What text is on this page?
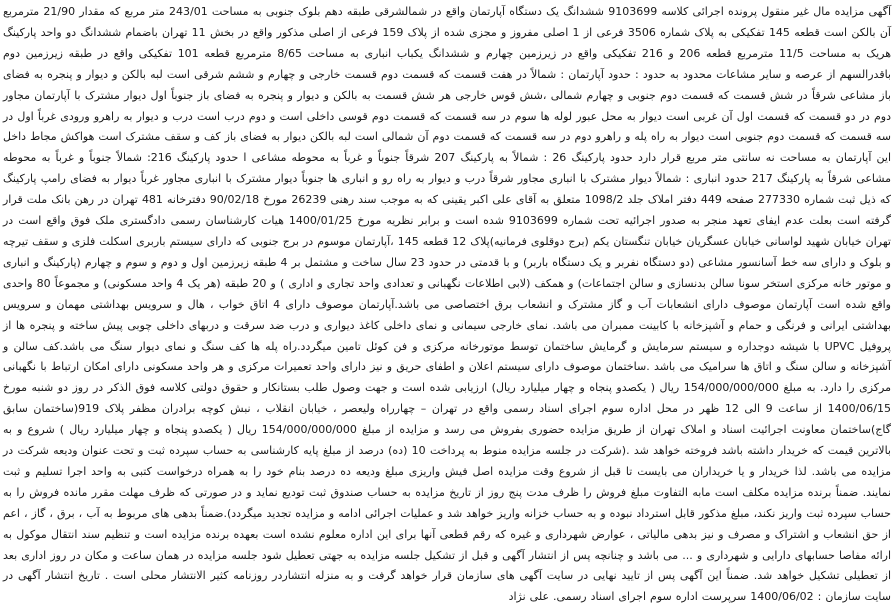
آگهی مزایده مال غیر منقول پرونده اجرائی کلاسه 9103699 ششدانگ یک دستگاه آپارتمان واقع در شمالشرقی طبقه دهم بلوک جنوبی به مساحت 243/01 متر مربع که مقدار 21/90 مترمربع آن بالکن است قطعه 145 تفکیکی به پلاک شماره 3506 فرعی از 1 اصلی مفروز و مجزی شده از پلاک 159 فرعی از اصلی مذکور واقع در بخش 11 تهران باضمام ششدانگ دو واحد پارکینگ هریک به مساحت 11/5 مترمربع قطعه 206 و 216 تفکیکی واقع در زیرزمین چهارم و ششدانگ یکباب انباری به مساحت 8/65 مترمربع قطعه 101 تفکیکی واقع در طبقه زیرزمین دوم باقدرالسهم از عرصه و سایر مشاعات محدود به حدود : حدود آپارتمان : شمالاً در هفت قسمت که قسمت دوم قسمت خارجی و چهارم و ششم شرقی است لبه بالکن و دیوار و پنجره به فضای باز مشاعی شرقاً در شش قسمت که قسمت دوم جنوبی و چهارم شمالی ،شش قوس خارجی هر شش قسمت به بالکن و دیوار و پنجره به فضای باز جنوباً اول دیوار مشترک با آپارتمان مجاور دوم در دو قسمت که قسمت اول آن غربی است دیوار به محل عبور لوله ها سوم در سه قسمت که قسمت دوم قوسی داخلی است و دوم درب است درب و دیوار به راهرو ورودی غرباً اول در سه قسمت که قسمت دوم جنوبی است دیوار به راه پله و راهرو دوم در سه قسمت که قسمت دوم آن شمالی است لبه بالکن دیوار به فضای باز کف و سقف مشترک است هواکش مجاط داخل این آپارتمان به مساحت نه سانتی متر مربع قرار دارد حدود پارکینگ 26 : شمالاً به پارکینگ 207 شرقاً جنوباً و غرباً به محوطه مشاعی ا حدود پارکینگ 216: شمالاً جنوباً و غرباً به محوطه مشاعی شرقاً به پارکینگ 217 حدود انباری : شمالاً دیوار مشترک با انباری مجاور شرقاً درب و دیوار به راه رو و انباری ها جنوباً دیوار مشترک با انباری مجاور غرباً دیوار به فضای رامپ پارکینگ که ذیل ثبت شماره 277330 صفحه 449 دفتر املاک جلد 1098/2 متعلق به آقای علی اکبر یقینی که به موجب سند رهنی 26239 مورخ 90/02/18 دفترخانه 481 تهران در رهن بانک ملت قرار گرفته است بعلت عدم ایفای تعهد منجر به صدور اجرائیه تحت شماره 9103699 شده است و برابر نظریه مورخ 1400/01/25 هیات کارشناسان رسمی دادگستری ملک فوق واقع است در تهران خیابان شهید لواسانی خیابان عسگریان خیابان تنگستان یکم (برج دوقلوی فرمانیه)پلاک 12 قطعه 145 ،آپارتمان موسوم در برج جنوبی که دارای سیستم باربری اسکلت فلزی و سقف تیرچه و بلوک و دارای سه خط آسانسور مشاعی (دو دستگاه نفربر و یک دستگاه باربر) و با قدمتی در حدود 23 سال ساخت و مشتمل بر 4 طبقه زیرزمین اول و دوم و سوم و چهارم (پارکینگ و انباری و موتور خانه مرکزی استخر سونا سالن بدنسازی و سالن اجتماعات) و همکف (لابی اطلاعات نگهبانی و تعدادی واحد تجاری و اداری ) و 20 طبقه (هر یک 4 واحد مسکونی) و مجموعاً 80 واحدی واقع شده است آپارتمان موصوف دارای انشعابات آب و گاز مشترک و انشعاب برق اختصاصی می باشد.آپارتمان موصوف دارای 4 اتاق خواب ، هال و سرویس بهداشتی مهمان و سرویس بهداشتی ایرانی و فرنگی و حمام و آشپزخانه با کابینت ممبران می باشد. نمای خارجی سیمانی و نمای داخلی کاغذ دیواری و درب ضد سرقت و دربهای داخلی چوبی پیش ساخته و پنجره ها از پروفیل UPVC با شیشه دوجداره و سیستم سرمایش و گرمایش ساختمان توسط موتورخانه مرکزی و فن کوئل تامین میگردد.راه پله ها کف سنگ و نمای دیوار سنگ می باشد.کف سالن و آشپزخانه و سالن سنگ و اتاق ها سرامیک می باشد .ساختمان موصوف دارای سیستم اعلان و اطفای حریق و نیز دارای واحد تعمیرات مرکزی و هر واحد مسکونی دارای امکان ارتباط با نگهبانی مرکزی را دارد. به مبلغ 154/000/000/000 ریال ( یکصدو پنجاه و چهار میلیارد ریال) ارزیابی شده است و جهت وصول طلب بستانکار و حقوق دولتی کلاسه فوق الذکر در روز دو شنبه مورخ 1400/06/15 از ساعت 9 الی 12 ظهر در محل اداره سوم اجرای اسناد رسمی واقع در تهران – چهارراه ولیعصر ، خیابان انقلاب ، نبش کوچه برادران مظفر پلاک 919(ساختمان سابق گاج)ساختمان معاونت اجرائیت اسناد و املاک تهران از طریق مزایده حضوری بفروش می رسد و مزایده از مبلغ 154/000/000/000 ریال ( یکصدو پنجاه و چهار میلیارد ریال ) شروع و به بالاترین قیمت که خریدار داشته باشد فروخته خواهد شد .(شرکت در جلسه مزایده منوط به پرداخت 10 (ده) درصد از مبلغ پایه کارشناسی به حساب سپرده ثبت و تحت عنوان ودیعه شرکت در مزایده می باشد. لذا خریدار و یا خریداران می بایست تا قبل از شروع وقت مزایده اصل فیش واریزی مبلغ ودیعه ده درصد بنام خود را به همراه درخواست کتبی به واحد اجرا تسلیم و ثبت نمایند. ضمناً برنده مزایده مکلف است مابه التفاوت مبلغ فروش را ظرف مدت پنج روز از تاریخ مزایده به حساب صندوق ثبت تودیع نماید و در صورتی که ظرف مهلت مقرر مانده فروش را به حساب سپرده ثبت واریز نکند، مبلغ مذکور قابل استرداد نبوده و به حساب خزانه واریز خواهد شد و عملیات اجرائی ادامه و مزایده تجدید میگردد).ضمناً بدهی های مربوط به آب ، برق ، گاز ، اعم از حق انشعاب و اشتراک و مصرف و نیز بدهی مالیاتی ، عوارض شهرداری و غیره که رقم قطعی آنها برای این اداره معلوم نشده است بعهده برنده مزایده است و تنظیم سند انتقال موکول به ارائه مفاصا حسابهای دارایی و شهرداری و ... می باشد و چنانچه پس از انتشار آگهی و قبل از تشکیل جلسه مزایده به جهتی تعطیل شود جلسه مزایده در همان ساعت و مکان در روز اداری بعد از تعطیلی تشکیل خواهد شد. ضمناً این آگهی پس از تایید نهایی در سایت آگهی های سازمان قرار خواهد گرفت و به منزله انتشاردر روزنامه کثیر الانتشار محلی است . تاریخ انتشار آگهی در سایت سازمان : 1400/06/02 سرپرست اداره سوم اجرای اسناد رسمی. علی نژاد
